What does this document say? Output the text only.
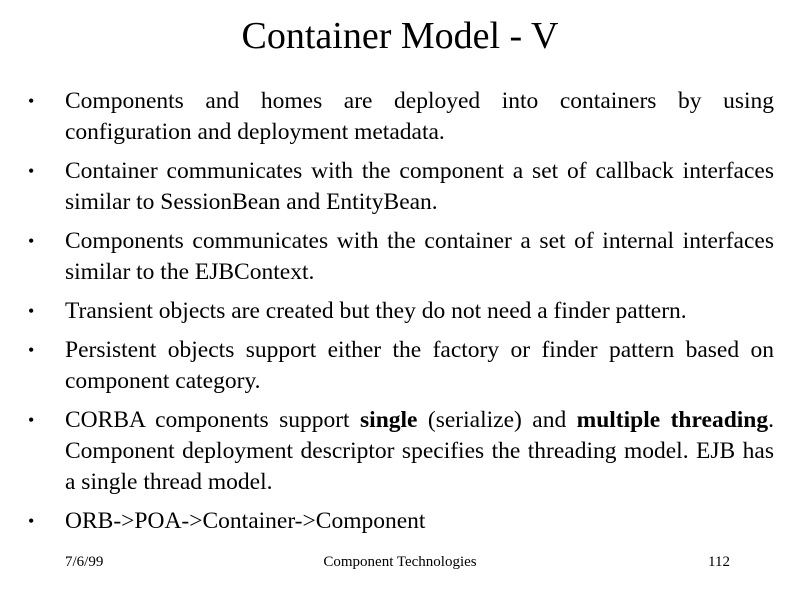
Container Model - V
•	Components and homes are deployed into containers by using configuration and deployment metadata.
•	Container communicates with the component a set of callback interfaces similar to SessionBean and EntityBean.
•	Components communicates with the container a set of internal interfaces similar to the EJBContext.
•	Transient objects are created but they do not need a finder pattern.
•	Persistent objects support either the factory or finder pattern based on component category.
•	CORBA components support single (serialize) and multiple threading. Component deployment descriptor specifies the threading model. EJB has a single thread model.
•	ORB->POA->Container->Component
7/6/99	Component Technologies	112
